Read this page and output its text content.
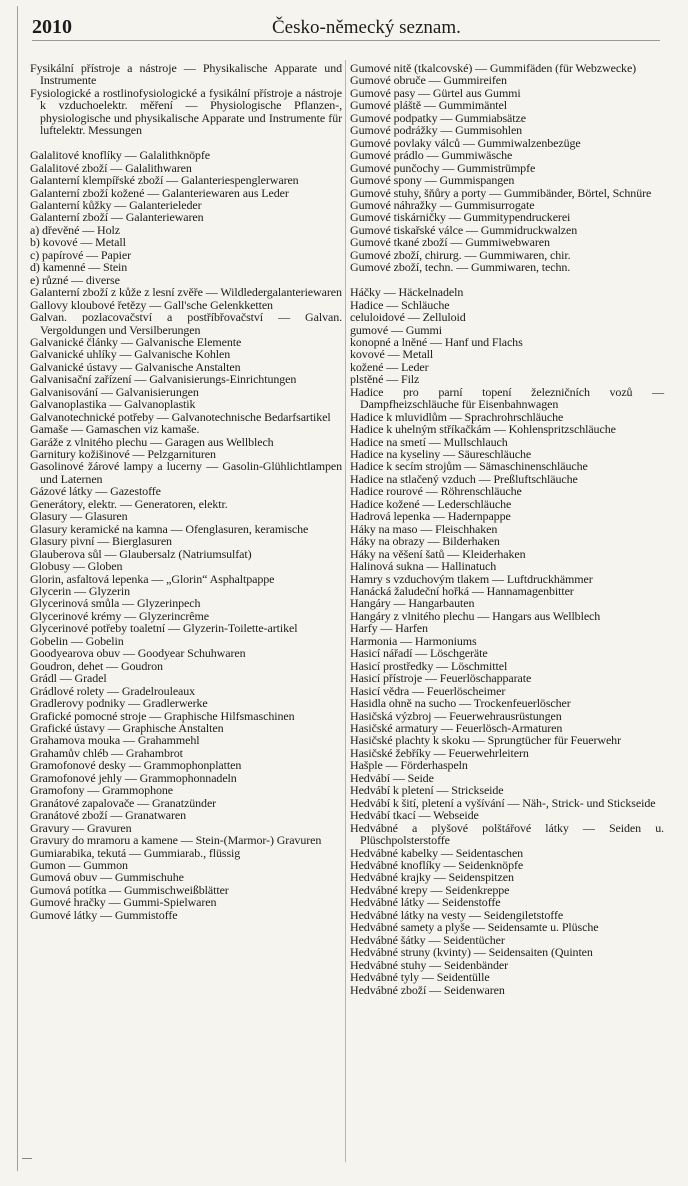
2010	Česko-německý seznam.
Fysikální přístroje a nástroje — Physikalische Apparate und Instrumente
Fysiologické a rostlinofysiologické a fysikální přístroje a nástroje k vzduchoelektr. měření — Physiologische Pflanzen-, physiologische und physikalische Apparate und Instrumente für luftelektr. Messungen
Galalitové knoflíky — Galalithknöpfe
Galalitové zboží — Galalithwaren
Galanterní klempířské zboží — Galanteriespenglerwaren
Galanterní zboží kožené — Galanteriewaren aus Leder
Galanterní kůžky — Galanterieleder
Galanterní zboží — Galanteriewaren
a) dřevěné — Holz
b) kovové — Metall
c) papírové — Papier
d) kamenné — Stein
e) různé — diverse
Galanterní zboží z kůže z lesní zvěře — Wildledergalanteriewaren
Gallovy kloubové řetězy — Gall'sche Gelenkketten
Galvan. pozlacovačství a postříbřovačství — Galvan. Vergoldungen und Versilberungen
Galvanické články — Galvanische Elemente
Galvanické uhlíky — Galvanische Kohlen
Galvanické ústavy — Galvanische Anstalten
Galvanisační zařízení — Galvanisierungs-Einrichtungen
Galvanisování — Galvanisierungen
Galvanoplastika — Galvanoplastik
Galvanotechnické potřeby — Galvanotechnische Bedarfsartikel
Gamaše — Gamaschen viz kamaše.
Garáže z vlnitého plechu — Garagen aus Wellblech
Garnitury kožišinové — Pelzgarnituren
Gasolinové žárové lampy a lucerny — Gasolin-Glühlichtlampen und Laternen
Gázové látky — Gazestoffe
Generátory, elektr. — Generatoren, elektr.
Glasury — Glasuren
Glasury keramické na kamna — Ofenglasuren, keramische
Glasury pivní — Bierglasuren
Glauberova sůl — Glaubersalz (Natriumsulfat)
Globusy — Globen
Glorin, asfaltová lepenka — „Glorin“ Asphaltpappe
Glycerin — Glyzerin
Glycerinová smůla — Glyzerinpech
Glycerinové krémy — Glyzerincrême
Glycerinové potřeby toaletní — Glyzerin-Toilette-artikel
Gobelin — Gobelin
Goodyearova obuv — Goodyear Schuhwaren
Goudron, dehet — Goudron
Grádl — Gradel
Grádlové rolety — Gradelrouleaux
Gradlerovy podniky — Gradlerwerke
Grafické pomocné stroje — Graphische Hilfsmaschinen
Grafické ústavy — Graphische Anstalten
Grahamova mouka — Grahammehl
Grahamův chléb — Grahambrot
Gramofonové desky — Grammophonplatten
Gramofonové jehly — Grammophonnadeln
Gramofony — Grammophone
Granátové zapalovače — Granatzünder
Granátové zboží — Granatwaren
Gravury — Gravuren
Gravury do mramoru a kamene — Stein-(Marmor-) Gravuren
Gumiarabika, tekutá — Gummiarab., flüssig
Gumon — Gummon
Gumová obuv — Gummischuhe
Gumová potítka — Gummischweißblätter
Gumové hračky — Gummi-Spielwaren
Gumové látky — Gummistoffe
Gumové nitě (tkalcovské) — Gummifäden (für Webzwecke)
Gumové obruče — Gummireifen
Gumové pasy — Gürtel aus Gummi
Gumové pláště — Gummimäntel
Gumové podpatky — Gummiabsätze
Gumové podrážky — Gummisohlen
Gumové povlaky válců — Gummiwalzenbezüge
Gumové prádlo — Gummiwäsche
Gumové punčochy — Gummistrümpfe
Gumové spony — Gummispangen
Gumové stuhy, šňůry a porty — Gummibänder, Börtel, Schnüre
Gumové náhražky — Gummisurrogate
Gumové tiskárničky — Gummitypendruckerei
Gumové tiskařské válce — Gummidruckwalzen
Gumové tkané zboží — Gummiwebwaren
Gumové zboží, chirurg. — Gummiwaren, chir.
Gumové zboží, techn. — Gummiwaren, techn.
Háčky — Häckelnadeln
Hadice — Schläuche
celuloidové — Zelluloid
gumové — Gummi
konopné a lněné — Hanf und Flachs
kovové — Metall
kožené — Leder
plstěné — Filz
Hadice pro parní topení železničních vozů — Dampfheizschläuche für Eisenbahnwagen
Hadice k mluvidlům — Sprachrohrschläuche
Hadice k uhelným stříkačkám — Kohlenspritzschläuche
Hadice na smetí — Mullschlauch
Hadice na kyseliny — Säureschläuche
Hadice k secím strojům — Sämaschinenschläuche
Hadice na stlačený vzduch — Preßluftschläuche
Hadice rourové — Röhrenschläuche
Hadice kožené — Lederschläuche
Hadrová lepenka — Hadernpappe
Háky na maso — Fleischhaken
Háky na obrazy — Bilderhaken
Háky na věšení šatů — Kleiderhaken
Halinová sukna — Hallinatuch
Hamry s vzduchovým tlakem — Luftdruckhämmer
Hanácká žaludeční hořká — Hannamagenbitter
Hangáry — Hangarbauten
Hangáry z vlnitého plechu — Hangars aus Wellblech
Harfy — Harfen
Harmonia — Harmoniums
Hasicí nářadí — Löschgeräte
Hasicí prostředky — Löschmittel
Hasicí přístroje — Feuerlöschapparate
Hasicí vědra — Feuerlöscheimer
Hasidla ohně na sucho — Trockenfeuerlöscher
Hasičská výzbroj — Feuerwehrausrüstungen
Hasičské armatury — Feuerlösch-Armaturen
Hasičské plachty k skoku — Sprungtücher für Feuerwehr
Hasičské žebříky — Feuerwehrleitern
Hašple — Förderhaspeln
Hedvábí — Seide
Hedvábí k pletení — Strickseide
Hedvábí k šití, pletení a vyšívání — Näh-, Strick- und Stickseide
Hedvábí tkací — Webseide
Hedvábné a plyšové polštářové látky — Seiden u. Plüschpolsterstoffe
Hedvábné kabelky — Seidentaschen
Hedvábné knoflíky — Seidenknöpfe
Hedvábné krajky — Seidenspitzen
Hedvábné krepy — Seidenkreppe
Hedvábné látky — Seidenstoffe
Hedvábné látky na vesty — Seidengiletstoffe
Hedvábné samety a plyše — Seidensamte u. Plüsche
Hedvábné šátky — Seidentücher
Hedvábné struny (kvinty) — Seidensaiten (Quinten
Hedvábné stuhy — Seidenbänder
Hedvábné tyly — Seidentülle
Hedvábné zboží — Seidenwaren
